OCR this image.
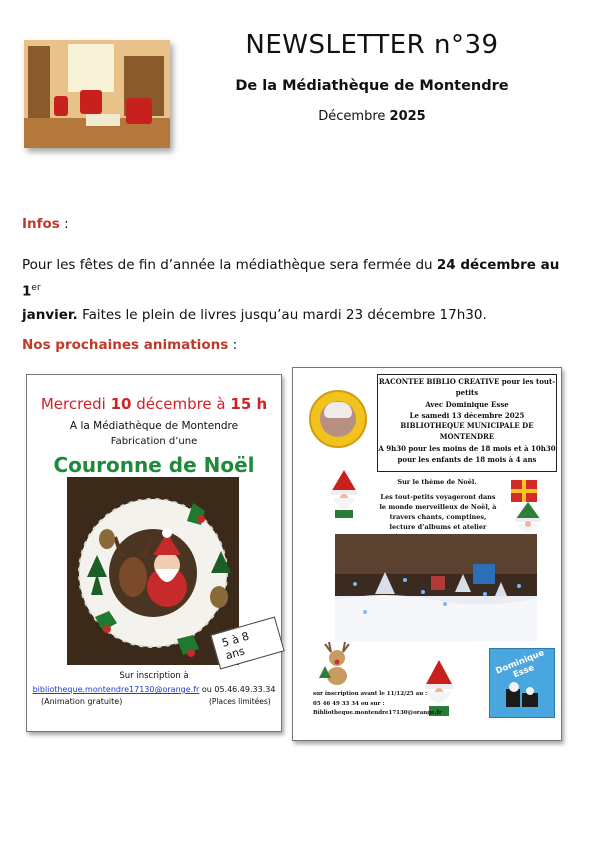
NEWSLETTER n°39
De la Médiathèque de Montendre
Décembre 2025
Infos :
Pour les fêtes de fin d’année la médiathèque sera fermée du 24 décembre au 1er
janvier. Faites le plein de livres jusqu’au mardi 23 décembre 17h30.
Nos prochaines animations :
Mercredi 10 décembre à 15 h
A la Médiathèque de Montendre
Fabrication d’une
Couronne de Noël
5 à 8 ans
Sur inscription à
bibliotheque.montendre17130@orange.fr ou 05.46.49.33.34
(Animation gratuite)	(Places limitées)
RACONTEE BIBLIO CREATIVE pour les tout-petits
Avec Dominique Esse
Le samedi 13 décembre 2025
BIBLIOTHEQUE MUNICIPALE DE MONTENDRE
A 9h30 pour les moins de 18 mois et à 10h30 pour les enfants de 18 mois à 4 ans
Sur le thème de Noël.
Les tout-petits voyageront dans le monde merveilleux de Noël, à travers chants, comptines, lecture d’albums et atelier
sur inscription avant le 11/12/25 au :
05 46 49 33 34 ou sur :
Bibliotheque.montendre17130@orange.fr
Dominique Esse
